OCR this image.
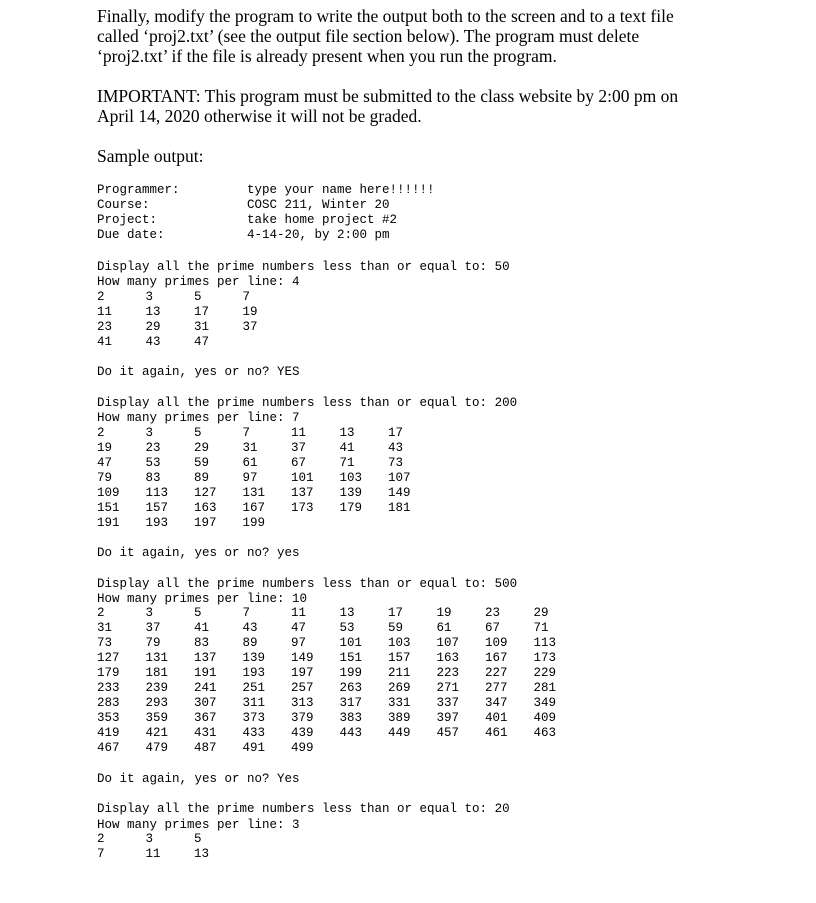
Finally, modify the program to write the output both to the screen and to a text file
called ‘proj2.txt’ (see the output file section below). The program must delete
‘proj2.txt’ if the file is already present when you run the program.
IMPORTANT: This program must be submitted to the class website by 2:00 pm on
April 14, 2020 otherwise it will not be graded.
Sample output:
Programmer:	type your name here!!!!!!
Course:	COSC 211, Winter 20
Project:	take home project #2
Due date:	4-14-20, by 2:00 pm
Display all the prime numbers less than or equal to: 50
How many primes per line: 4
2	3	5	7
11	13	17	19
23	29	31	37
41	43	47
Do it again, yes or no? YES
Display all the prime numbers less than or equal to: 200
How many primes per line: 7
2	3	5	7	11	13	17
19	23	29	31	37	41	43
47	53	59	61	67	71	73
79	83	89	97	101	103	107
109	113	127	131	137	139	149
151	157	163	167	173	179	181
191	193	197	199
Do it again, yes or no? yes
Display all the prime numbers less than or equal to: 500
How many primes per line: 10
2	3	5	7	11	13	17	19	23	29
31	37	41	43	47	53	59	61	67	71
73	79	83	89	97	101	103	107	109	113
127	131	137	139	149	151	157	163	167	173
179	181	191	193	197	199	211	223	227	229
233	239	241	251	257	263	269	271	277	281
283	293	307	311	313	317	331	337	347	349
353	359	367	373	379	383	389	397	401	409
419	421	431	433	439	443	449	457	461	463
467	479	487	491	499
Do it again, yes or no? Yes
Display all the prime numbers less than or equal to: 20
How many primes per line: 3
2	3	5
7	11	13
